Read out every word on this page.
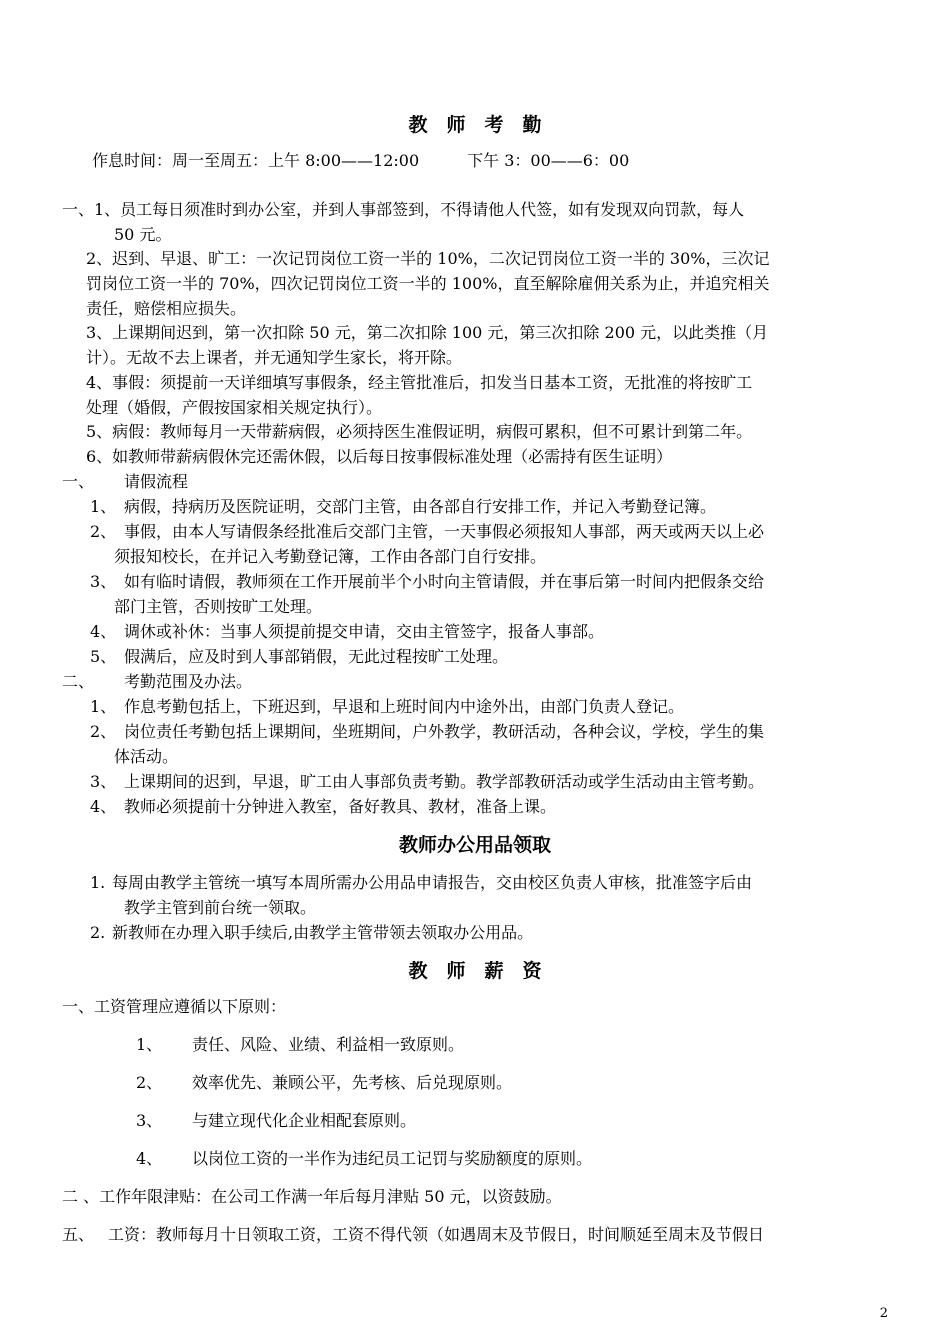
教　师　考　勤
作息时间：周一至周五：上午 8:00——12:00　　　下午 3：00——6：00
一、1、员工每日须准时到办公室，并到人事部签到，不得请他人代签，如有发现双向罚款，每人
50 元。
2、迟到、早退、旷工：一次记罚岗位工资一半的 10%，二次记罚岗位工资一半的 30%，三次记
罚岗位工资一半的 70%，四次记罚岗位工资一半的 100%，直至解除雇佣关系为止，并追究相关
责任，赔偿相应损失。
3、上课期间迟到，第一次扣除 50 元，第二次扣除 100 元，第三次扣除 200 元，以此类推（月
计）。无故不去上课者，并无通知学生家长，将开除。
4、事假：须提前一天详细填写事假条，经主管批准后，扣发当日基本工资，无批准的将按旷工
处理（婚假，产假按国家相关规定执行）。
5、病假：教师每月一天带薪病假，必须持医生准假证明，病假可累积，但不可累计到第二年。
6、如教师带薪病假休完还需休假，以后每日按事假标准处理（必需持有医生证明）
一、 请假流程
1、 病假，持病历及医院证明，交部门主管，由各部自行安排工作，并记入考勤登记簿。
2、 事假，由本人写请假条经批准后交部门主管，一天事假必须报知人事部，两天或两天以上必
须报知校长，在并记入考勤登记簿，工作由各部门自行安排。
3、 如有临时请假，教师须在工作开展前半个小时向主管请假，并在事后第一时间内把假条交给
部门主管，否则按旷工处理。
4、 调休或补休：当事人须提前提交申请，交由主管签字，报备人事部。
5、 假满后，应及时到人事部销假，无此过程按旷工处理。
二、 考勤范围及办法。
1、 作息考勤包括上，下班迟到，早退和上班时间内中途外出，由部门负责人登记。
2、 岗位责任考勤包括上课期间，坐班期间，户外教学，教研活动，各种会议，学校，学生的集
体活动。
3、 上课期间的迟到，早退，旷工由人事部负责考勤。教学部教研活动或学生活动由主管考勤。
4、 教师必须提前十分钟进入教室，备好教具、教材，准备上课。
教师办公用品领取
1. 每周由教学主管统一填写本周所需办公用品申请报告，交由校区负责人审核，批准签字后由
教学主管到前台统一领取。
2. 新教师在办理入职手续后,由教学主管带领去领取办公用品。
教　师　薪　资
一、工资管理应遵循以下原则：
1、 责任、风险、业绩、利益相一致原则。
2、 效率优先、兼顾公平，先考核、后兑现原则。
3、 与建立现代化企业相配套原则。
4、 以岗位工资的一半作为违纪员工记罚与奖励额度的原则。
二 、工作年限津贴：在公司工作满一年后每月津贴 50 元，以资鼓励。
五、 工资：教师每月十日领取工资，工资不得代领（如遇周末及节假日，时间顺延至周末及节假日
2
